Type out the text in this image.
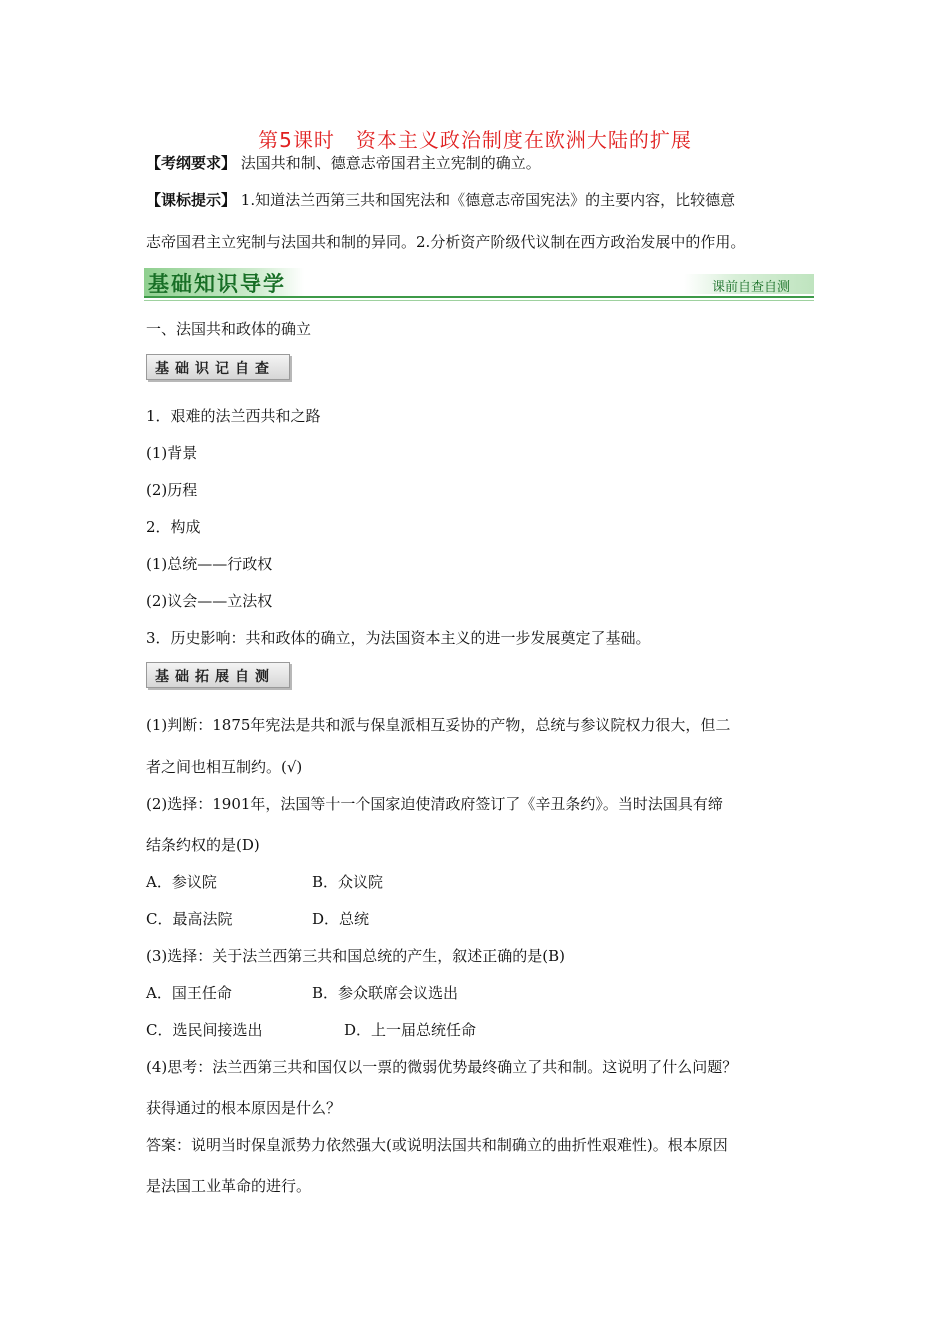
第5课时　资本主义政治制度在欧洲大陆的扩展
【考纲要求】 法国共和制、德意志帝国君主立宪制的确立。
【课标提示】 1.知道法兰西第三共和国宪法和《德意志帝国宪法》的主要内容，比较德意
志帝国君主立宪制与法国共和制的异同。2.分析资产阶级代议制在西方政治发展中的作用。
基础知识导学	课前自查自测
一、法国共和政体的确立
基础识记自查
1．艰难的法兰西共和之路
(1)背景
(2)历程
2．构成
(1)总统——行政权
(2)议会——立法权
3．历史影响：共和政体的确立，为法国资本主义的进一步发展奠定了基础。
基础拓展自测
(1)判断：1875年宪法是共和派与保皇派相互妥协的产物，总统与参议院权力很大，但二
者之间也相互制约。(√)
(2)选择：1901年，法国等十一个国家迫使清政府签订了《辛丑条约》。当时法国具有缔
结条约权的是(D)
A．参议院	B．众议院
C．最高法院	D．总统
(3)选择：关于法兰西第三共和国总统的产生，叙述正确的是(B)
A．国王任命	B．参众联席会议选出
C．选民间接选出	D．上一届总统任命
(4)思考：法兰西第三共和国仅以一票的微弱优势最终确立了共和制。这说明了什么问题？
获得通过的根本原因是什么？
答案：说明当时保皇派势力依然强大(或说明法国共和制确立的曲折性艰难性)。根本原因
是法国工业革命的进行。
